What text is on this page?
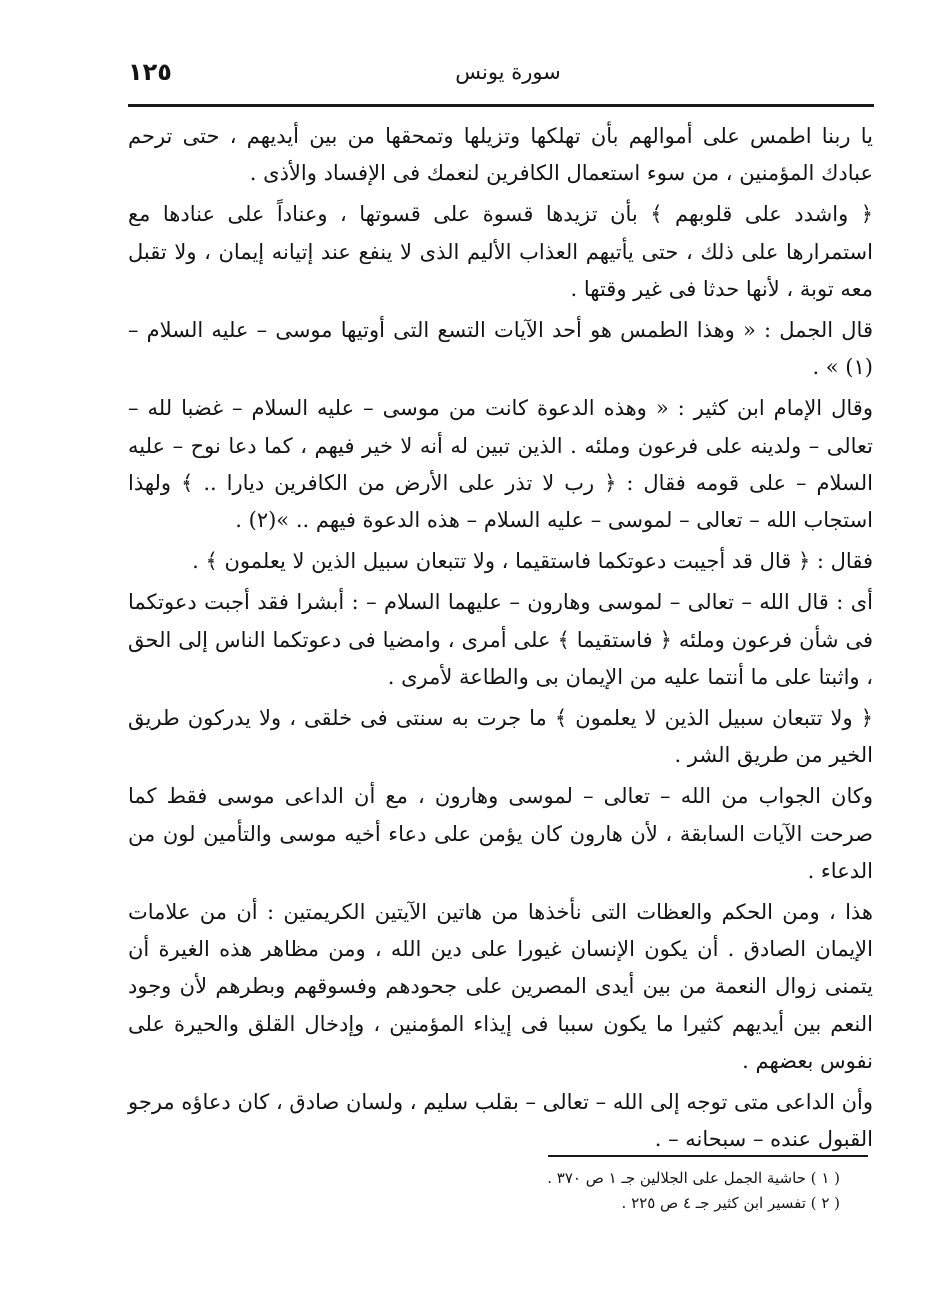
١٢٥	سورة يونس

يا ربنا اطمس على أموالهم بأن تهلكها وتزيلها وتمحقها من بين أيديهم ، حتى ترحم عبادك المؤمنين ، من سوء استعمال الكافرين لنعمك فى الإفساد والأذى .

﴿ واشدد على قلوبهم ﴾ بأن تزيدها قسوة على قسوتها ، وعناداً على عنادها مع استمرارها على ذلك ، حتى يأتيهم العذاب الأليم الذى لا ينفع عند إتيانه إيمان ، ولا تقبل معه توبة ، لأنها حدثا فى غير وقتها .

قال الجمل : « وهذا الطمس هو أحد الآيات التسع التى أوتيها موسى – عليه السلام –(١) » .

وقال الإمام ابن كثير : « وهذه الدعوة كانت من موسى – عليه السلام – غضبا لله – تعالى – ولدينه على فرعون وملئه . الذين تبين له أنه لا خير فيهم ، كما دعا نوح – عليه السلام – على قومه فقال : ﴿ رب لا تذر على الأرض من الكافرين ديارا .. ﴾ ولهذا استجاب الله – تعالى – لموسى – عليه السلام – هذه الدعوة فيهم .. »(٢) .

فقال : ﴿ قال قد أجيبت دعوتكما فاستقيما ، ولا تتبعان سبيل الذين لا يعلمون ﴾ .

أى : قال الله – تعالى – لموسى وهارون – عليهما السلام – : أبشرا فقد أجبت دعوتكما فى شأن فرعون وملئه ﴿ فاستقيما ﴾ على أمرى ، وامضيا فى دعوتكما الناس إلى الحق ، واثبتا على ما أنتما عليه من الإيمان بى والطاعة لأمرى .

﴿ ولا تتبعان سبيل الذين لا يعلمون ﴾ ما جرت به سنتى فى خلقى ، ولا يدركون طريق الخير من طريق الشر .

وكان الجواب من الله – تعالى – لموسى وهارون ، مع أن الداعى موسى فقط كما صرحت الآيات السابقة ، لأن هارون كان يؤمن على دعاء أخيه موسى والتأمين لون من الدعاء .

هذا ، ومن الحكم والعظات التى نأخذها من هاتين الآيتين الكريمتين : أن من علامات الإيمان الصادق . أن يكون الإنسان غيورا على دين الله ، ومن مظاهر هذه الغيرة أن يتمنى زوال النعمة من بين أيدى المصرين على جحودهم وفسوقهم وبطرهم لأن وجود النعم بين أيديهم كثيرا ما يكون سببا فى إيذاء المؤمنين ، وإدخال القلق والحيرة على نفوس بعضهم .

وأن الداعى متى توجه إلى الله – تعالى – بقلب سليم ، ولسان صادق ، كان دعاؤه مرجو القبول عنده – سبحانه – .

( ١ ) حاشية الجمل على الجلالين جـ ١ ص ٣٧٠ .

( ٢ ) تفسير ابن كثير جـ ٤ ص ٢٢٥ .
